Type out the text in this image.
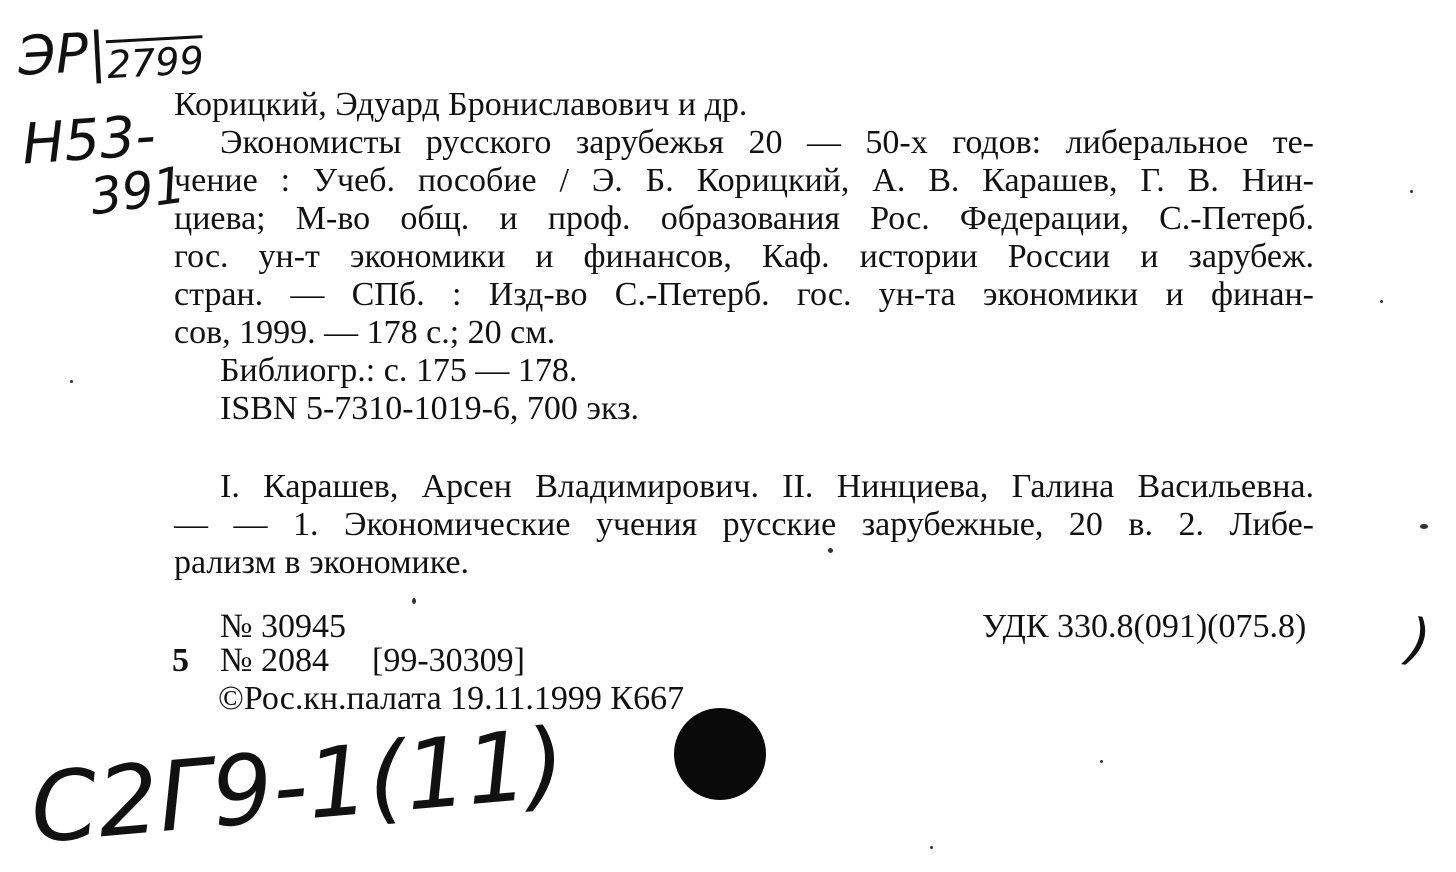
ЭР|2799
Н53-
391
С2Г9-1(11)
)
Корицкий, Эдуард Бронислaвович и др.
Экономисты русского зарубежья 20 — 50-х годов: либеральное те-
чение : Учеб. пособие / Э. Б. Корицкий, А. В. Карашев, Г. В. Нин-
циева; М-во общ. и проф. образования Рос. Федерации, С.-Петерб.
гос. ун-т экономики и финансов, Каф. истории России и зарубеж.
стран. — СПб. : Изд-во С.-Петерб. гос. ун-та экономики и финан-
сов, 1999. — 178 с.; 20 см.
Библиогр.: с. 175 — 178.
ISBN 5-7310-1019-6, 700 экз.
I. Карашев, Арсен Владимирович. II. Нинциева, Галина Васильевна.
— — 1. Экономические учения русские зарубежные, 20 в. 2. Либе-
рализм в экономике.
№ 30945	УДК 330.8(091)(075.8)
5 № 2084 [99-30309]
©Рос.кн.палата 19.11.1999 К667
